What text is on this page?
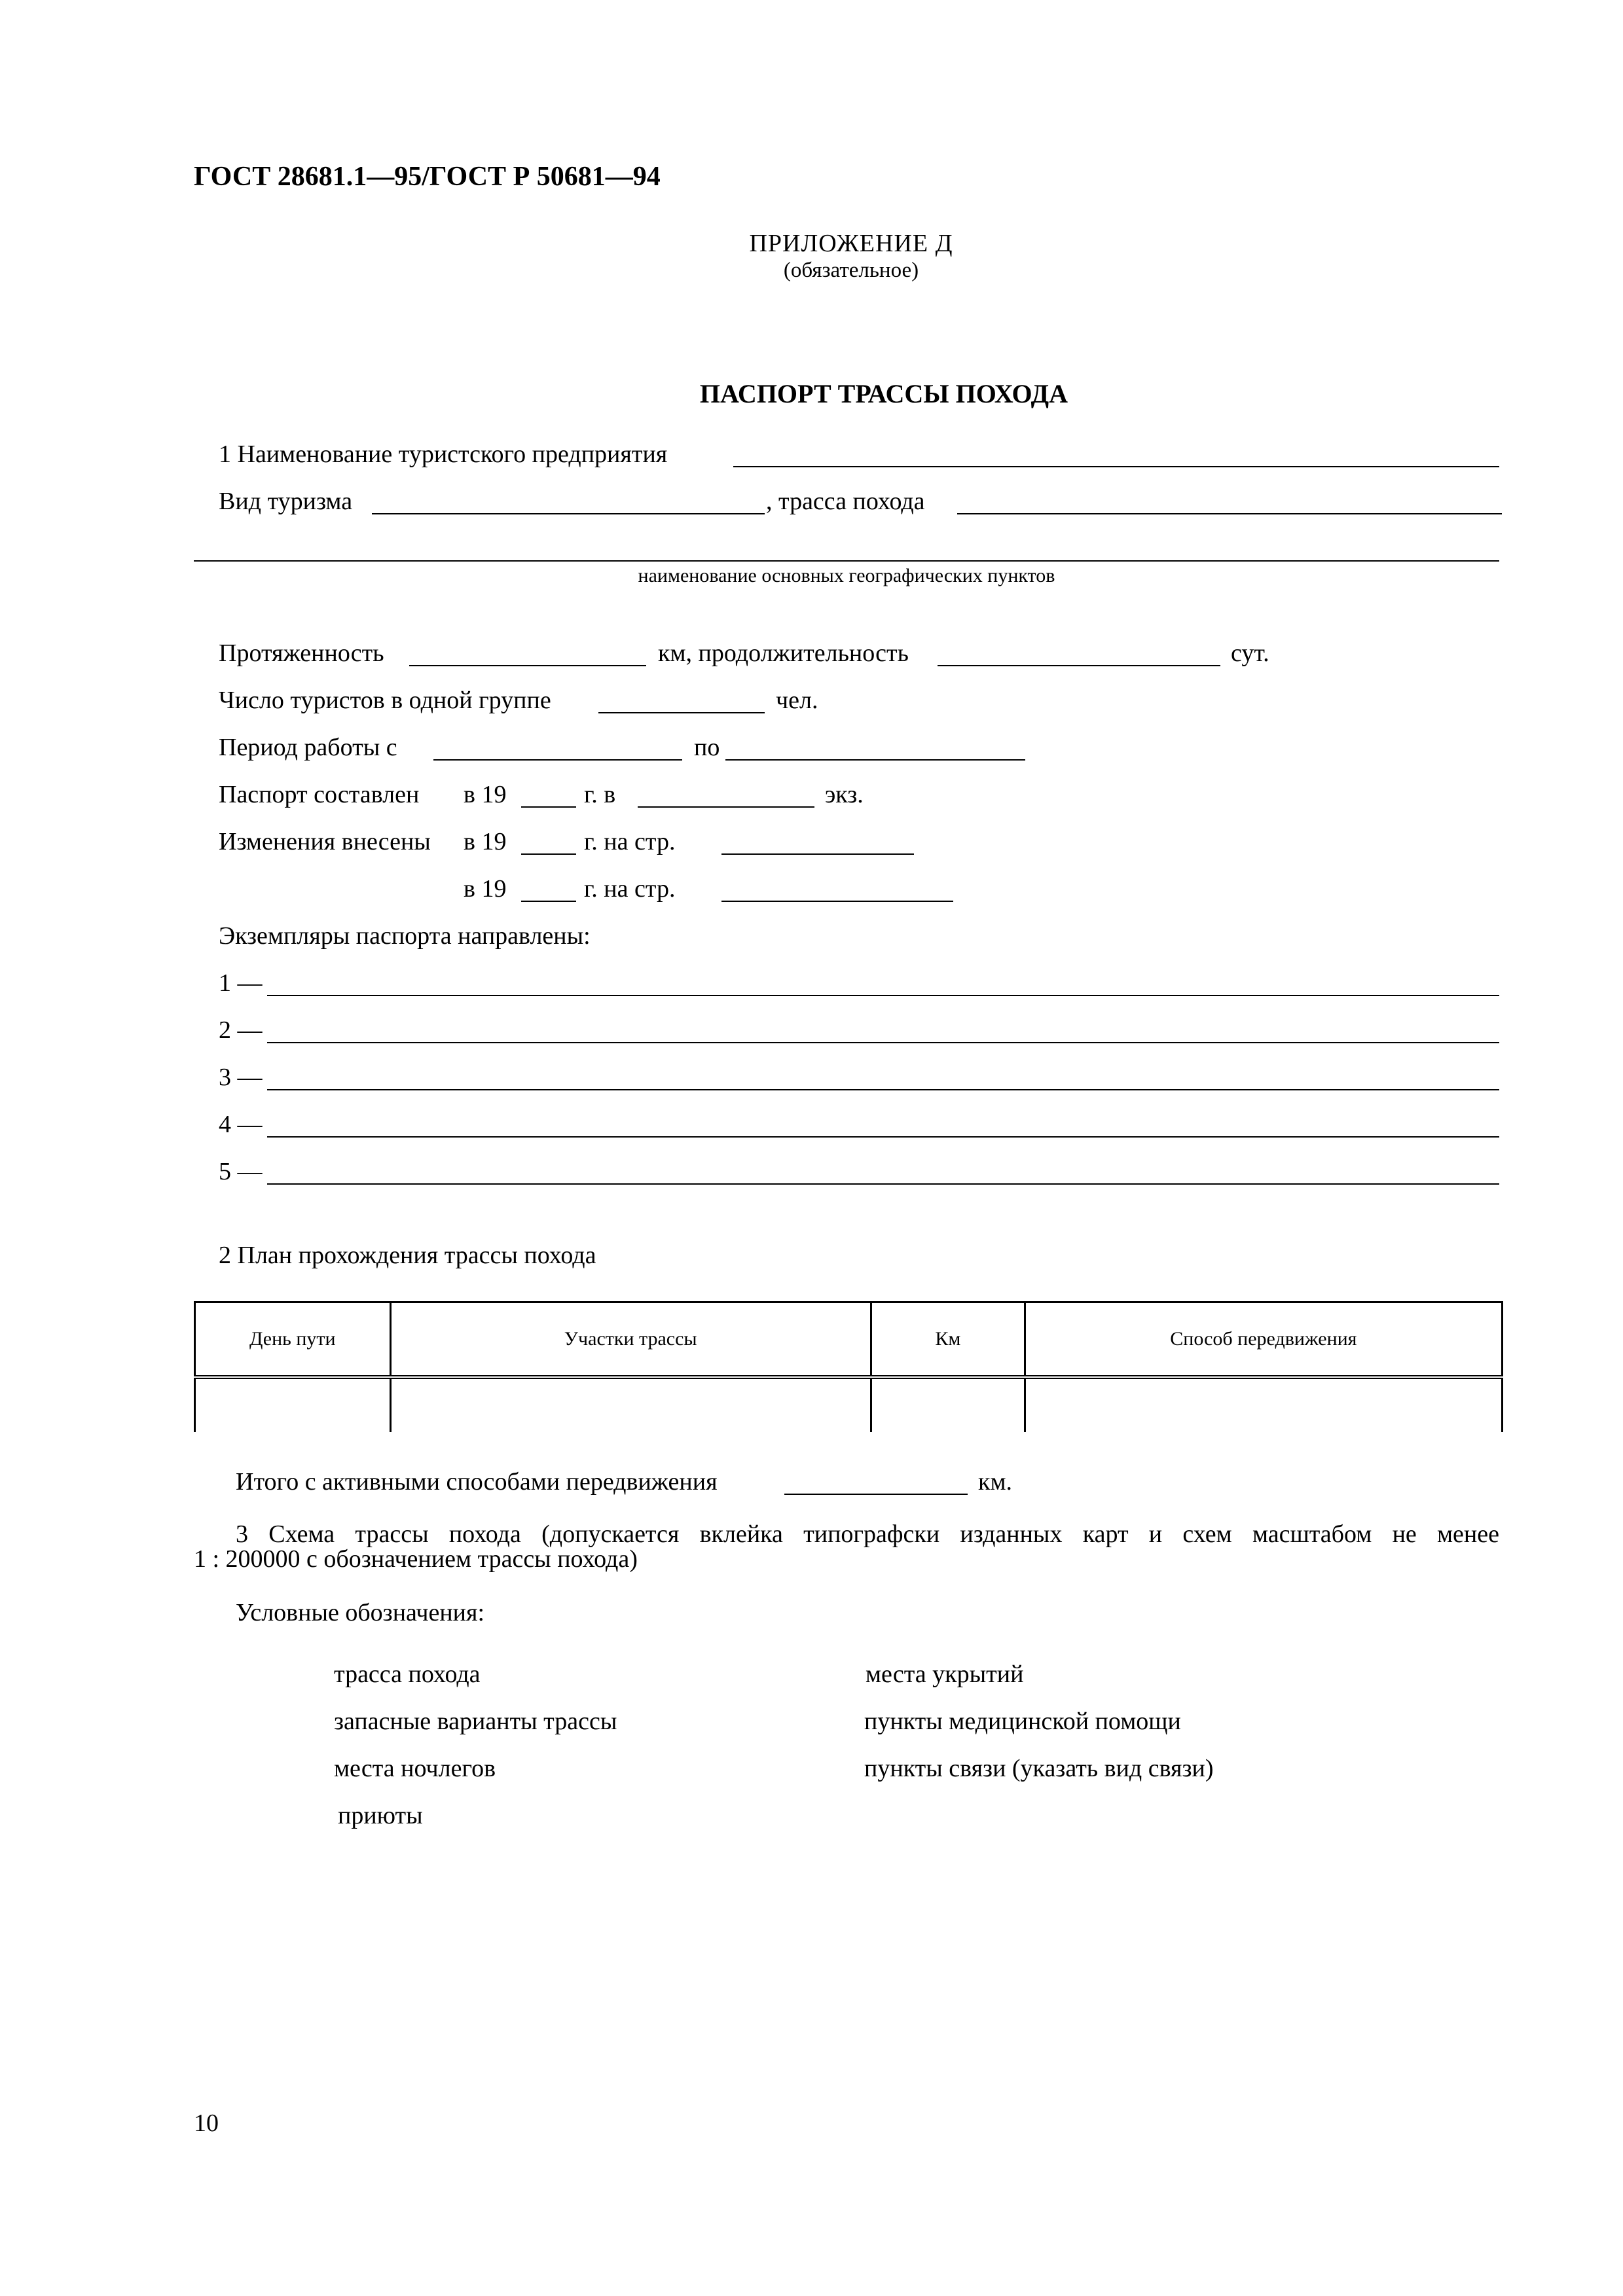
ГОСТ 28681.1—95/ГОСТ Р 50681—94
ПРИЛОЖЕНИЕ Д
(обязательное)
ПАСПОРТ ТРАССЫ ПОХОДА
1 Наименование туристского предприятия
Вид туризма	, трасса похода
наименование основных географических пунктов
Протяженность	км, продолжительность	сут.
Число туристов в одной группе	чел.
Период работы с	по
Паспорт составлен в 19	г. в	экз.
Изменения внесены в 19	г. на стр.
в 19	г. на стр.
Экземпляры паспорта направлены:
1 —
2 —
3 —
4 —
5 —
2 План прохождения трассы похода
День пути	Участки трассы	Км	Способ передвижения

Итого с активными способами передвижения	км.
3 Схема трассы похода (допускается вклейка типографски изданных карт и схем масштабом не менее
1 : 200000 с обозначением трассы похода)
Условные обозначения:
трасса похода
запасные варианты трассы
места ночлегов
приюты
места укрытий
пункты медицинской помощи
пункты связи (указать вид связи)
10
